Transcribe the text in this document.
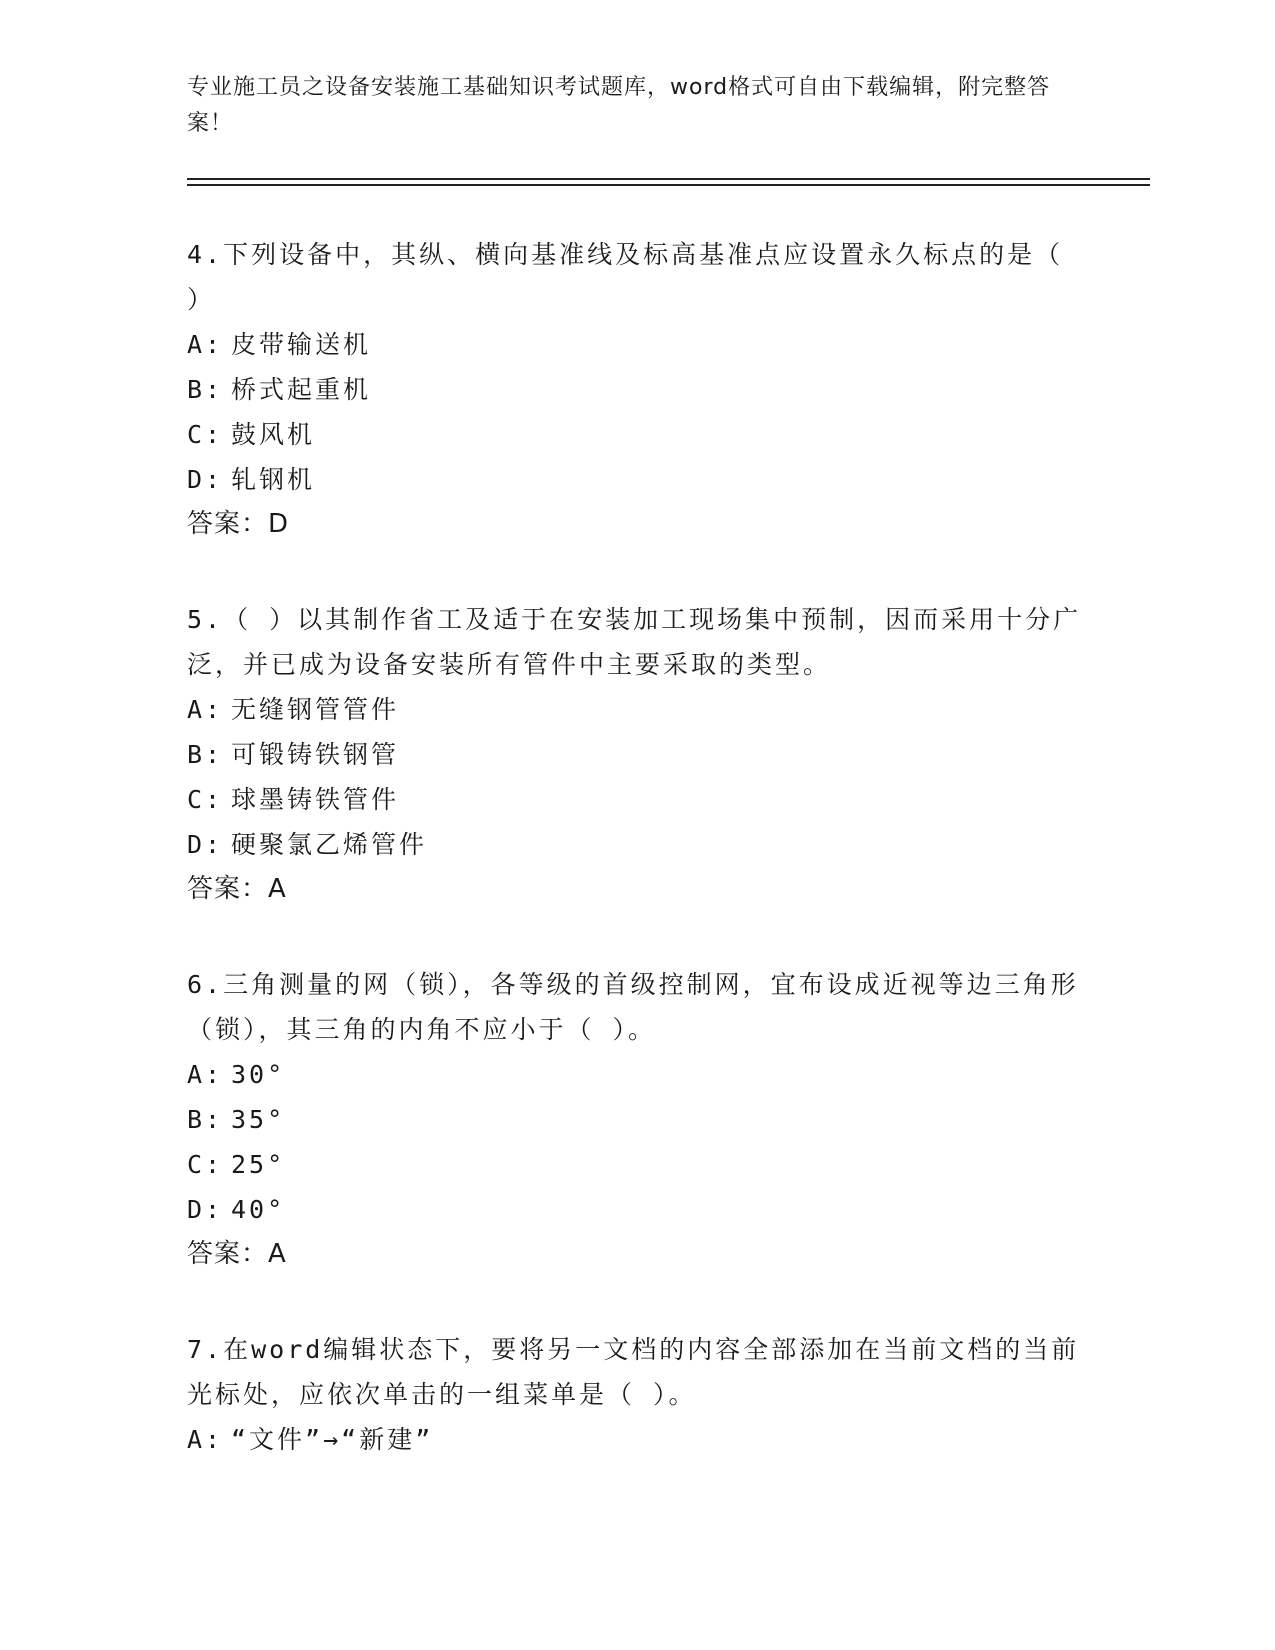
专业施工员之设备安装施工基础知识考试题库，word格式可自由下载编辑，附完整答案！
4.下列设备中，其纵、横向基准线及标高基准点应设置永久标点的是（ ）
A: 皮带输送机
B: 桥式起重机
C: 鼓风机
D: 轧钢机
答案：D
5.（ ）以其制作省工及适于在安装加工现场集中预制，因而采用十分广泛，并已成为设备安装所有管件中主要采取的类型。
A: 无缝钢管管件
B: 可锻铸铁钢管
C: 球墨铸铁管件
D: 硬聚氯乙烯管件
答案：A
6.三角测量的网（锁），各等级的首级控制网，宜布设成近视等边三角形（锁），其三角的内角不应小于（ ）。
A: 30°
B: 35°
C: 25°
D: 40°
答案：A
7.在word编辑状态下，要将另一文档的内容全部添加在当前文档的当前光标处，应依次单击的一组菜单是（ ）。
A: “文件”→“新建”
